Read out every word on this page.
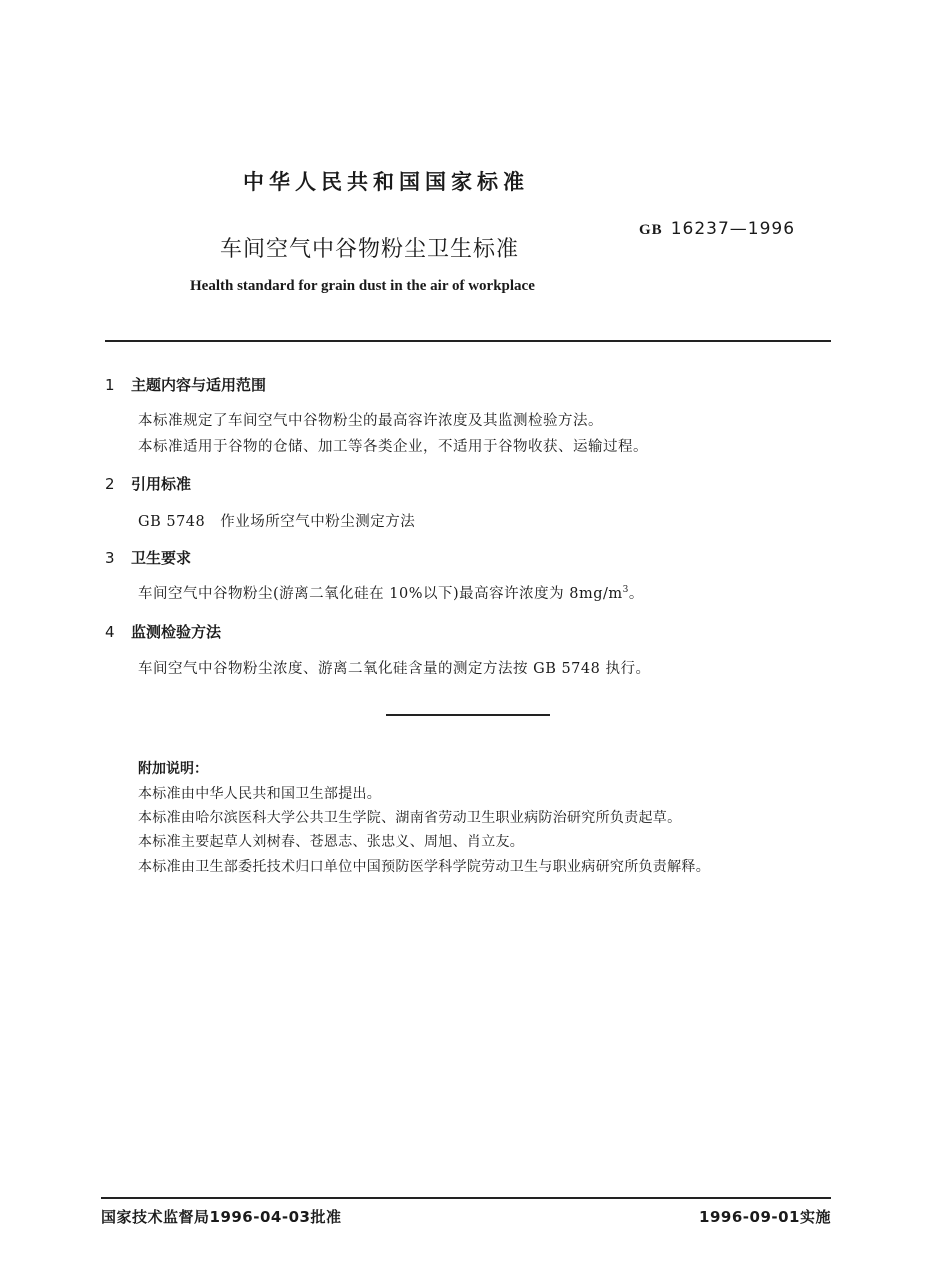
中华人民共和国国家标准
车间空气中谷物粉尘卫生标准
GB 16237—1996
Health standard for grain dust in the air of workplace
1 主题内容与适用范围
本标准规定了车间空气中谷物粉尘的最高容许浓度及其监测检验方法。
本标准适用于谷物的仓储、加工等各类企业，不适用于谷物收获、运输过程。
2 引用标准
GB 5748　作业场所空气中粉尘测定方法
3 卫生要求
车间空气中谷物粉尘(游离二氧化硅在 10%以下)最高容许浓度为 $8mg/m^3$。
4 监测检验方法
车间空气中谷物粉尘浓度、游离二氧化硅含量的测定方法按 GB 5748 执行。
附加说明：
本标准由中华人民共和国卫生部提出。
本标准由哈尔滨医科大学公共卫生学院、湖南省劳动卫生职业病防治研究所负责起草。
本标准主要起草人刘树春、苍恩志、张忠义、周旭、肖立友。
本标准由卫生部委托技术归口单位中国预防医学科学院劳动卫生与职业病研究所负责解释。
国家技术监督局1996-04-03批准	1996-09-01实施
